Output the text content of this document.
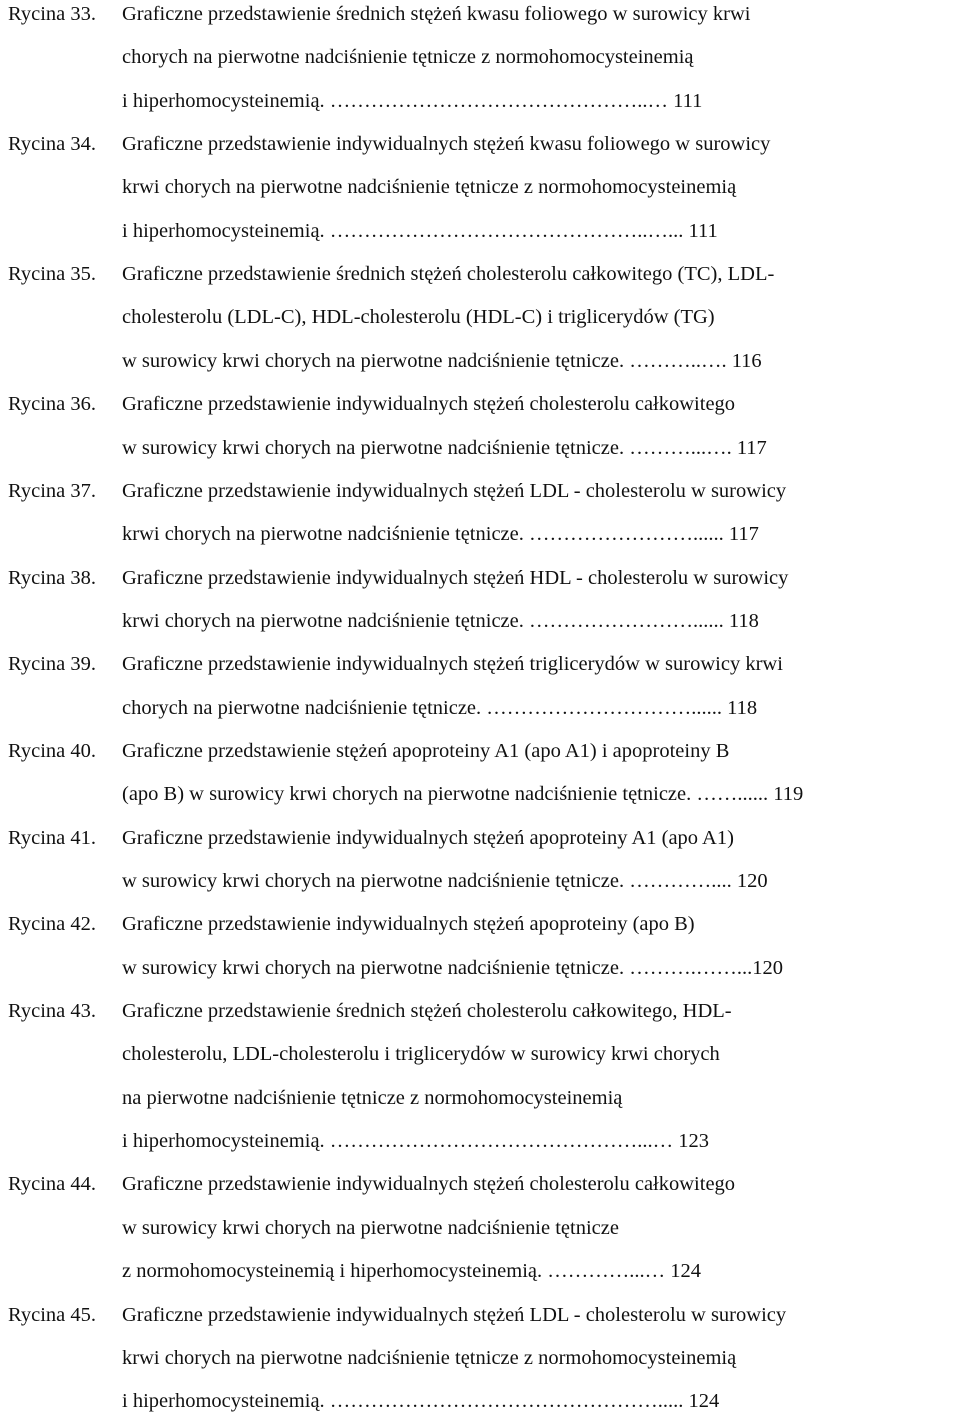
Rycina 33. Graficzne przedstawienie średnich stężeń kwasu foliowego w surowicy krwi
chorych na pierwotne nadciśnienie tętnicze z normohomocysteinemią
i hiperhomocysteinemią. ………………………………………..… 111
Rycina 34. Graficzne przedstawienie indywidualnych stężeń kwasu foliowego w surowicy
krwi chorych na pierwotne nadciśnienie tętnicze z normohomocysteinemią
i hiperhomocysteinemią. ………………………………………..…... 111
Rycina 35. Graficzne przedstawienie średnich stężeń cholesterolu całkowitego (TC), LDL-
cholesterolu (LDL-C), HDL-cholesterolu (HDL-C) i triglicerydów (TG)
w surowicy krwi chorych na pierwotne nadciśnienie tętnicze. ………..…. 116
Rycina 36. Graficzne przedstawienie indywidualnych stężeń cholesterolu całkowitego
w surowicy krwi chorych na pierwotne nadciśnienie tętnicze. ………...…. 117
Rycina 37. Graficzne przedstawienie indywidualnych stężeń LDL - cholesterolu w surowicy
krwi chorych na pierwotne nadciśnienie tętnicze. ……………………...... 117
Rycina 38. Graficzne przedstawienie indywidualnych stężeń HDL - cholesterolu w surowicy
krwi chorych na pierwotne nadciśnienie tętnicze. ……………………...... 118
Rycina 39. Graficzne przedstawienie indywidualnych stężeń triglicerydów w surowicy krwi
chorych na pierwotne nadciśnienie tętnicze. …………………………...... 118
Rycina 40. Graficzne przedstawienie stężeń apoproteiny A1 (apo A1) i apoproteiny B
(apo B) w surowicy krwi chorych na pierwotne nadciśnienie tętnicze. ……...... 119
Rycina 41. Graficzne przedstawienie indywidualnych stężeń apoproteiny A1 (apo A1)
w surowicy krwi chorych na pierwotne nadciśnienie tętnicze. ………….... 120
Rycina 42. Graficzne przedstawienie indywidualnych stężeń apoproteiny (apo B)
w surowicy krwi chorych na pierwotne nadciśnienie tętnicze. ……….……...120
Rycina 43. Graficzne przedstawienie średnich stężeń cholesterolu całkowitego, HDL-
cholesterolu, LDL-cholesterolu i triglicerydów w surowicy krwi chorych
na pierwotne nadciśnienie tętnicze z normohomocysteinemią
i hiperhomocysteinemią. ………………………………………...… 123
Rycina 44. Graficzne przedstawienie indywidualnych stężeń cholesterolu całkowitego
w surowicy krwi chorych na pierwotne nadciśnienie tętnicze
z normohomocysteinemią i hiperhomocysteinemią. …………...… 124
Rycina 45. Graficzne przedstawienie indywidualnych stężeń LDL - cholesterolu w surowicy
krwi chorych na pierwotne nadciśnienie tętnicze z normohomocysteinemią
i hiperhomocysteinemią. …………………………………………..... 124
